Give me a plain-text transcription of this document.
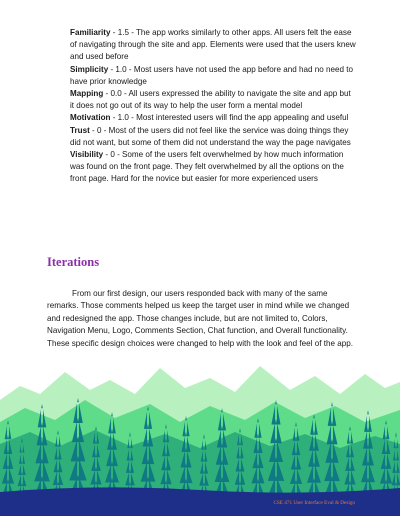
Familiarity - 1.5 - The app works similarly to other apps. All users felt the ease of navigating through the site and app. Elements were used that the users knew and used before

Simplicity - 1.0 - Most users have not used the app before and had no need to have prior knowledge

Mapping - 0.0 - All users expressed the ability to navigate the site and app but it does not go out of its way to help the user form a mental model

Motivation - 1.0 - Most interested users will find the app appealing and useful

Trust - 0 - Most of the users did not feel like the service was doing things they did not want, but some of them did not understand the way the page navigates

Visibility - 0 - Some of the users felt overwhelmed by how much information was found on the front page. They felt overwhelmed by all the options on the front page. Hard for the novice but easier for more experienced users

Iterations

From our first design, our users responded back with many of the same remarks. Those comments helped us keep the target user in mind while we changed and redesigned the app. Those changes include, but are not limited to, Colors, Navigation Menu, Logo, Comments Section, Chat function, and Overall functionality. These specific design choices were changed to help with the look and feel of the app.

CSE 471 User Interface Eval & Design
